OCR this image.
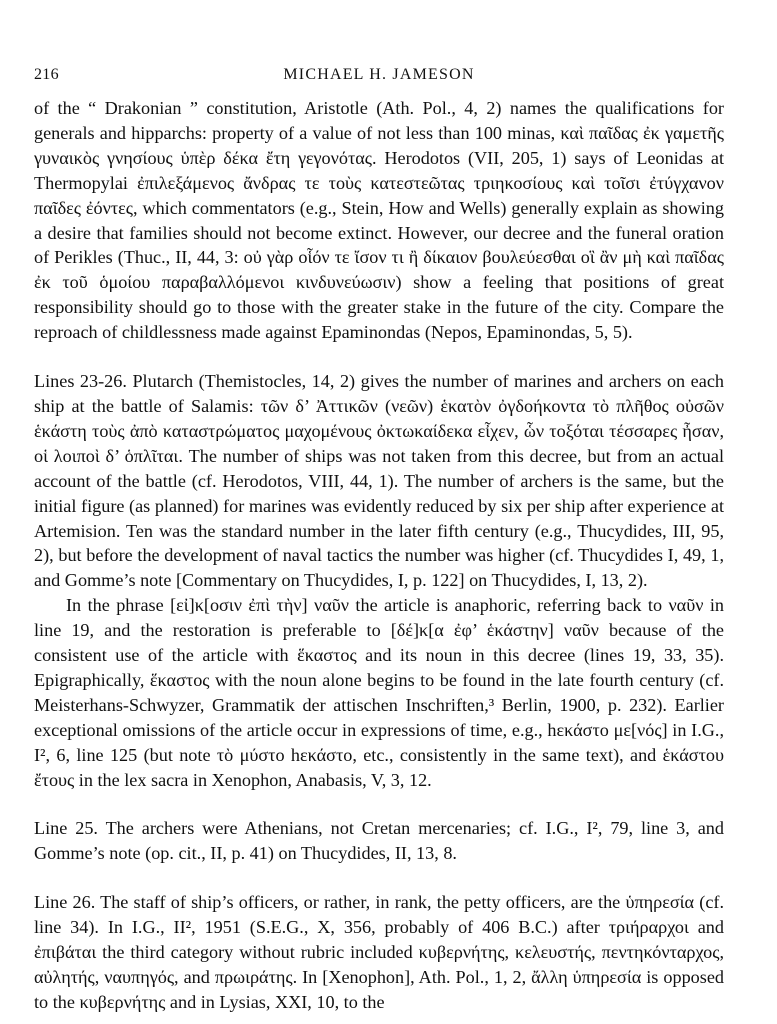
216	MICHAEL H. JAMESON

of the “ Drakonian ” constitution, Aristotle (Ath. Pol., 4, 2) names the qualifications for generals and hipparchs: property of a value of not less than 100 minas, καὶ παῖδας ἐκ γαμετῆς γυναικὸς γνησίους ὑπὲρ δέκα ἔτη γεγονότας. Herodotos (VII, 205, 1) says of Leonidas at Thermopylai ἐπιλεξάμενος ἄνδρας τε τοὺς κατεστεῶτας τριηκοσίους καὶ τοῖσι ἐτύγχανον παῖδες ἐόντες, which commentators (e.g., Stein, How and Wells) generally explain as showing a desire that families should not become extinct. However, our decree and the funeral oration of Perikles (Thuc., II, 44, 3: οὐ γὰρ οἷόν τε ἴσον τι ἢ δίκαιον βουλεύεσθαι οἳ ἂν μὴ καὶ παῖδας ἐκ τοῦ ὁμοίου παραβαλλόμενοι κινδυνεύωσιν) show a feeling that positions of great responsibility should go to those with the greater stake in the future of the city. Compare the reproach of childlessness made against Epaminondas (Nepos, Epaminondas, 5, 5).

Lines 23-26. Plutarch (Themistocles, 14, 2) gives the number of marines and archers on each ship at the battle of Salamis: τῶν δ’ Ἀττικῶν (νεῶν) ἑκατὸν ὀγδοήκοντα τὸ πλῆθος οὐσῶν ἑκάστη τοὺς ἀπὸ καταστρώματος μαχομένους ὀκτωκαίδεκα εἶχεν, ὧν τοξόται τέσσαρες ἦσαν, οἱ λοιποὶ δ’ ὁπλῖται. The number of ships was not taken from this decree, but from an actual account of the battle (cf. Herodotos, VIII, 44, 1). The number of archers is the same, but the initial figure (as planned) for marines was evidently reduced by six per ship after experience at Artemision. Ten was the standard number in the later fifth century (e.g., Thucydides, III, 95, 2), but before the development of naval tactics the number was higher (cf. Thucydides I, 49, 1, and Gomme’s note [Commentary on Thucydides, I, p. 122] on Thucydides, I, 13, 2).

In the phrase [εἰ]κ[οσιν ἐπὶ τὴν] ναῦν the article is anaphoric, referring back to ναῦν in line 19, and the restoration is preferable to [δέ]κ[α ἐφ’ ἑκάστην] ναῦν because of the consistent use of the article with ἕκαστος and its noun in this decree (lines 19, 33, 35). Epigraphically, ἕκαστος with the noun alone begins to be found in the late fourth century (cf. Meisterhans-Schwyzer, Grammatik der attischen Inschriften,³ Berlin, 1900, p. 232). Earlier exceptional omissions of the article occur in expressions of time, e.g., hεκάστο με[νός] in I.G., I², 6, line 125 (but note τὸ μύστο hεκάστο, etc., consistently in the same text), and ἑκάστου ἔτους in the lex sacra in Xenophon, Anabasis, V, 3, 12.

Line 25. The archers were Athenians, not Cretan mercenaries; cf. I.G., I², 79, line 3, and Gomme’s note (op. cit., II, p. 41) on Thucydides, II, 13, 8.

Line 26. The staff of ship’s officers, or rather, in rank, the petty officers, are the ὑπηρεσία (cf. line 34). In I.G., II², 1951 (S.E.G., X, 356, probably of 406 B.C.) after τριήραρχοι and ἐπιβάται the third category without rubric included κυβερνήτης, κελευστής, πεντηκόνταρχος, αὐλητής, ναυπηγός, and πρωιράτης. In [Xenophon], Ath. Pol., 1, 2, ἄλλη ὑπηρεσία is opposed to the κυβερνήτης and in Lysias, XXI, 10, to the
